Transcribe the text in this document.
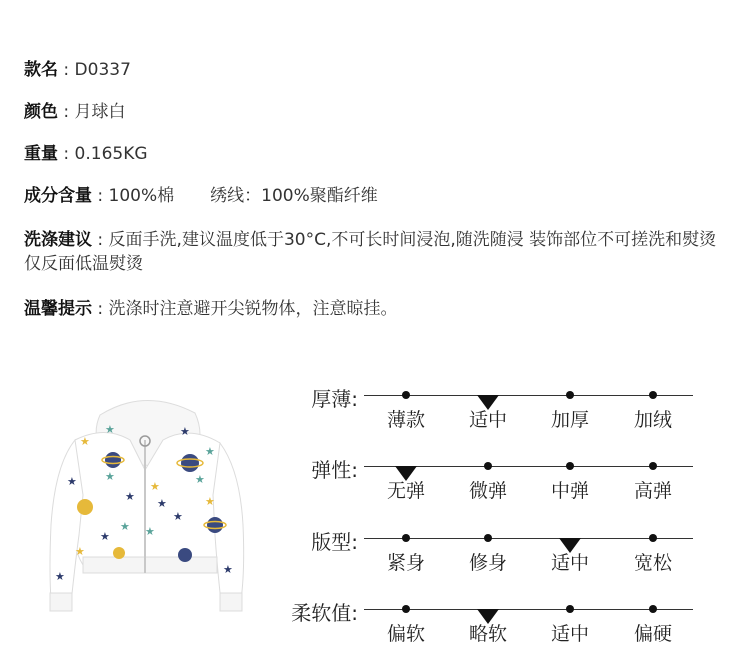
款名 : D0337
颜色 : 月球白
重量 : 0.165KG
成分含量 : 100%棉 绣线：100%聚酯纤维
洗涤建议 : 反面手洗,建议温度低于30°C,不可长时间浸泡,随洗随浸 装饰部位不可搓洗和熨烫 仅反面低温熨烫
温馨提示 : 洗涤时注意避开尖锐物体，注意晾挂。
★
★	★
★
★
★
★
★
★
★
★
★
★
★
★
★
★
★
厚薄:
薄款	适中	加厚	加绒
弹性:
无弹	微弹	中弹	高弹
版型:
紧身	修身	适中	宽松
柔软值:
偏软	略软	适中	偏硬
